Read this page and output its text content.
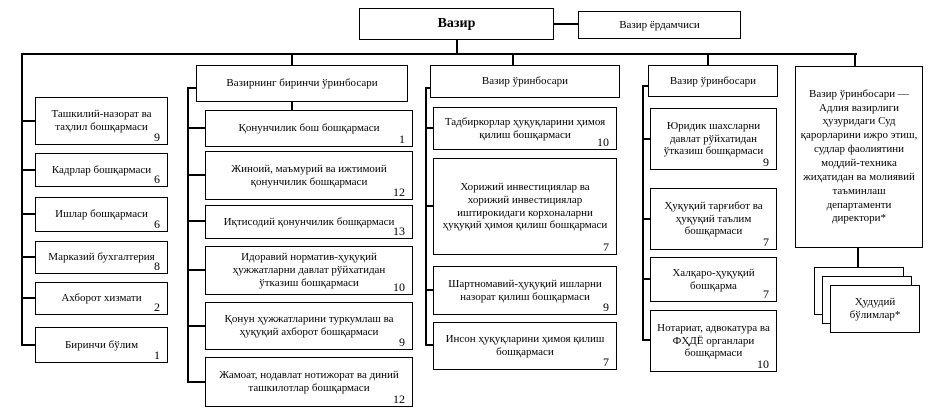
Вазир	Вазир ёрдамчиси
Ташкилий-назорат ва таҳлил бошқармаси
9
Кадрлар бошқармаси
6
Ишлар бошқармаси
6
Марказий бухгалтерия
8
Ахборот хизмати
2
Биринчи бўлим
1
Вазирнинг биринчи ўринбосари
Қонунчилик бош бошқармаси
1
Жиноий, маъмурий ва ижтимоий қонунчилик бошқармаси
12
Иқтисодий қонунчилик бошқармаси
13
Идоравий норматив-ҳуқуқий ҳужжатларни давлат рўйхатидан ўтказиш бошқармаси	10
Қонун ҳужжатларини туркумлаш ва ҳуқуқий ахборот бошқармаси
9
Жамоат, нодавлат нотижорат ва диний ташкилотлар бошқармаси
12
Вазир ўринбосари
Тадбиркорлар ҳуқуқларини ҳимоя қилиш бошқармаси
10
Хорижий инвестициялар ва хорижий инвестициялар иштирокидаги корхоналарни ҳуқуқий ҳимоя қилиш бошқармаси
7
Шартномавий-ҳуқуқий ишларни назорат қилиш бошқармаси
9
Инсон ҳуқуқларини ҳимоя қилиш бошқармаси
7
Вазир ўринбосари
Юридик шахсларни давлат рўйхатидан ўтказиш бошқармаси
9
Ҳуқуқий тарғибот ва ҳуқуқий таълим бошқармаси
7
Халқаро-ҳуқуқий бошқарма
7
Нотариат, адвокатура ва ФҲДЁ органлари бошқармаси
10
Вазир ўринбосари — Адлия вазирлиги ҳузуридаги Суд қарорларини ижро этиш, судлар фаолиятини моддий-техника жиҳатидан ва молиявий таъминлаш департаменти директори*
Ҳудудий бўлимлар*
